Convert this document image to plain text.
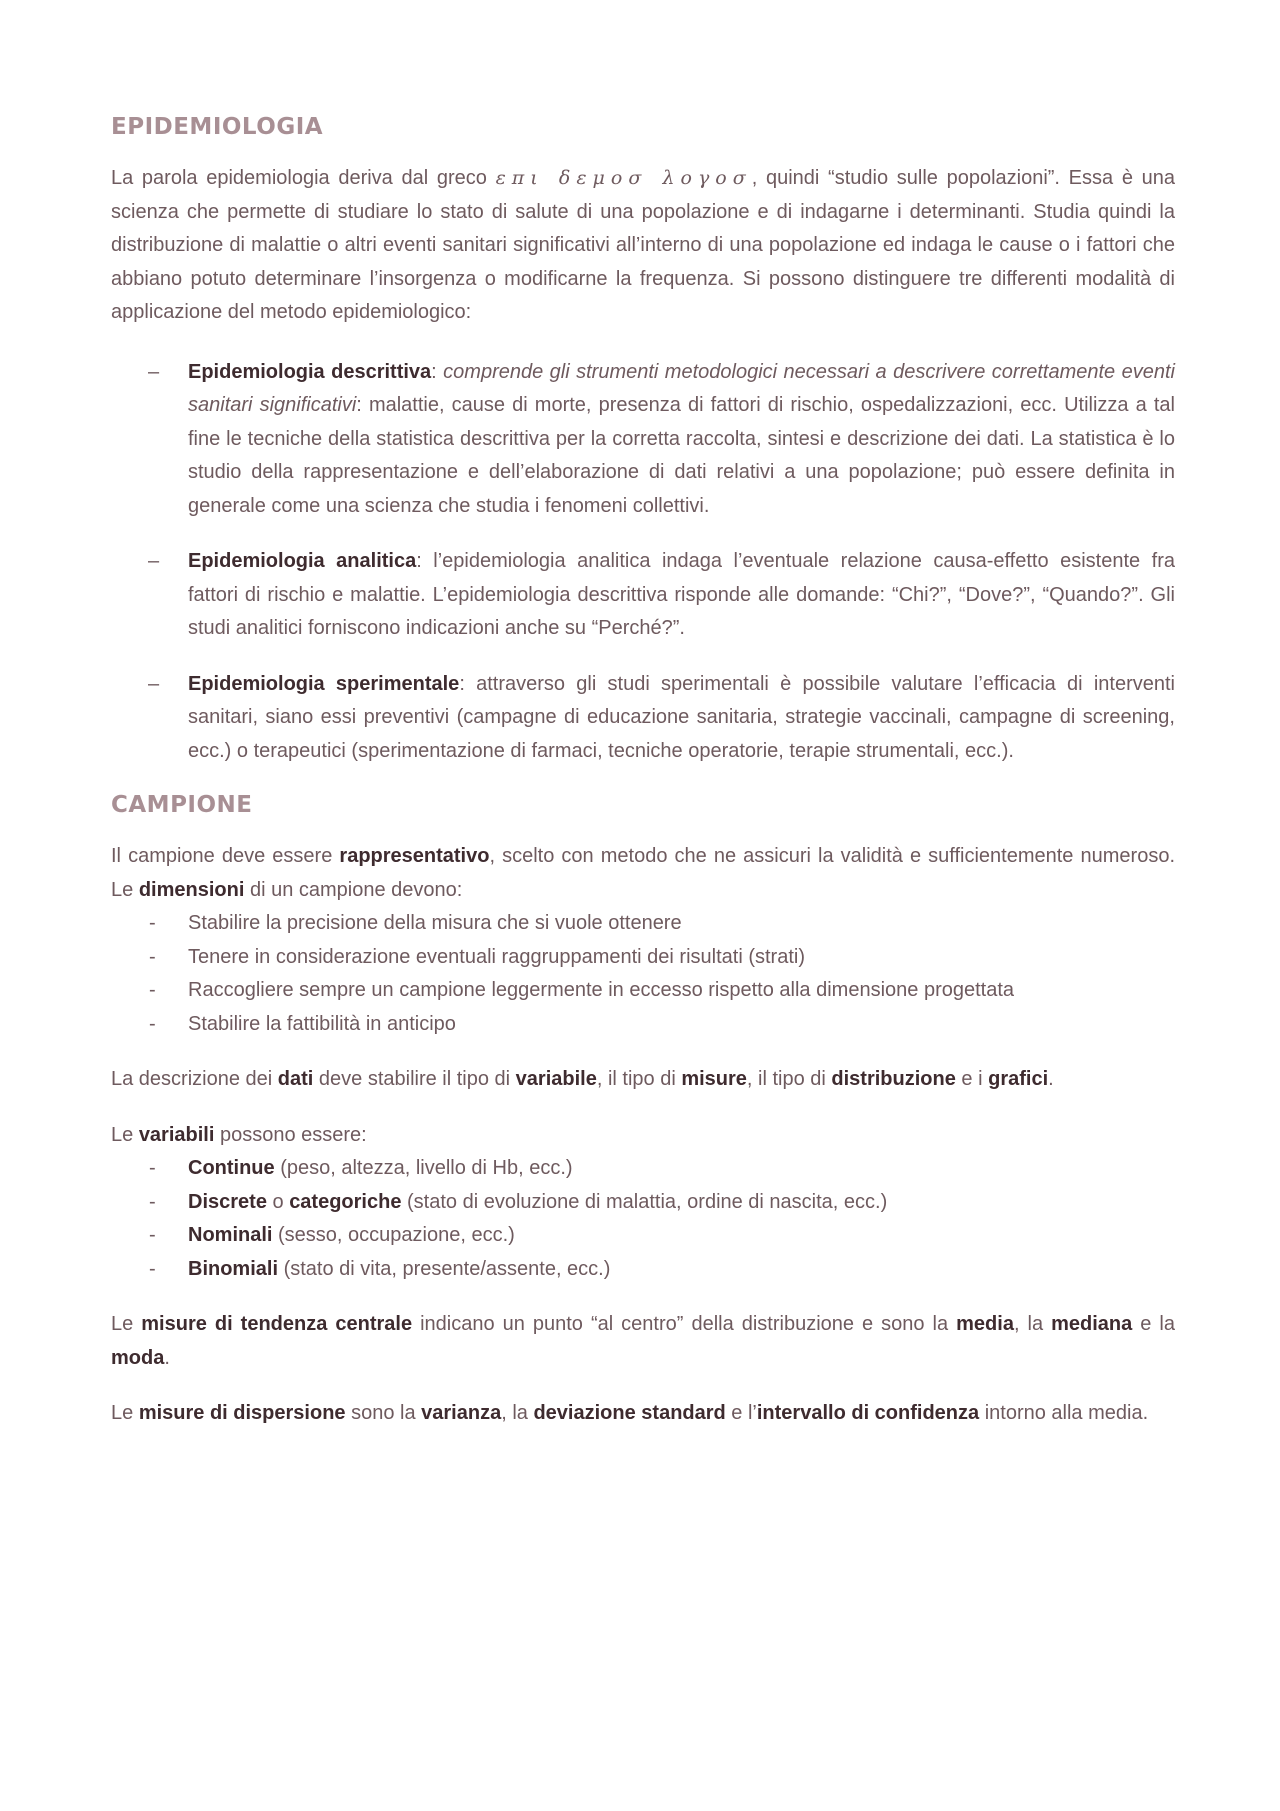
EPIDEMIOLOGIA

La parola epidemiologia deriva dal greco επι δεμοσ λογοσ, quindi “studio sulle popolazioni”. Essa è una scienza che permette di studiare lo stato di salute di una popolazione e di indagarne i determinanti. Studia quindi la distribuzione di malattie o altri eventi sanitari significativi all’interno di una popolazione ed indaga le cause o i fattori che abbiano potuto determinare l’insorgenza o modificarne la frequenza. Si possono distinguere tre differenti modalità di applicazione del metodo epidemiologico:

– Epidemiologia descrittiva: comprende gli strumenti metodologici necessari a descrivere correttamente eventi sanitari significativi: malattie, cause di morte, presenza di fattori di rischio, ospedalizzazioni, ecc. Utilizza a tal fine le tecniche della statistica descrittiva per la corretta raccolta, sintesi e descrizione dei dati. La statistica è lo studio della rappresentazione e dell’elaborazione di dati relativi a una popolazione; può essere definita in generale come una scienza che studia i fenomeni collettivi.
– Epidemiologia analitica: l’epidemiologia analitica indaga l’eventuale relazione causa-effetto esistente fra fattori di rischio e malattie. L’epidemiologia descrittiva risponde alle domande: “Chi?”, “Dove?”, “Quando?”. Gli studi analitici forniscono indicazioni anche su “Perché?”.
– Epidemiologia sperimentale: attraverso gli studi sperimentali è possibile valutare l’efficacia di interventi sanitari, siano essi preventivi (campagne di educazione sanitaria, strategie vaccinali, campagne di screening, ecc.) o terapeutici (sperimentazione di farmaci, tecniche operatorie, terapie strumentali, ecc.).
CAMPIONE

Il campione deve essere rappresentativo, scelto con metodo che ne assicuri la validità e sufficientemente numeroso. Le dimensioni di un campione devono:

- Stabilire la precisione della misura che si vuole ottenere
- Tenere in considerazione eventuali raggruppamenti dei risultati (strati)
- Raccogliere sempre un campione leggermente in eccesso rispetto alla dimensione progettata
- Stabilire la fattibilità in anticipo

La descrizione dei dati deve stabilire il tipo di variabile, il tipo di misure, il tipo di distribuzione e i grafici.

Le variabili possono essere:

- Continue (peso, altezza, livello di Hb, ecc.)
- Discrete o categoriche (stato di evoluzione di malattia, ordine di nascita, ecc.)
- Nominali (sesso, occupazione, ecc.)
- Binomiali (stato di vita, presente/assente, ecc.)

Le misure di tendenza centrale indicano un punto “al centro” della distribuzione e sono la media, la mediana e la moda.

Le misure di dispersione sono la varianza, la deviazione standard e l’intervallo di confidenza intorno alla media.
